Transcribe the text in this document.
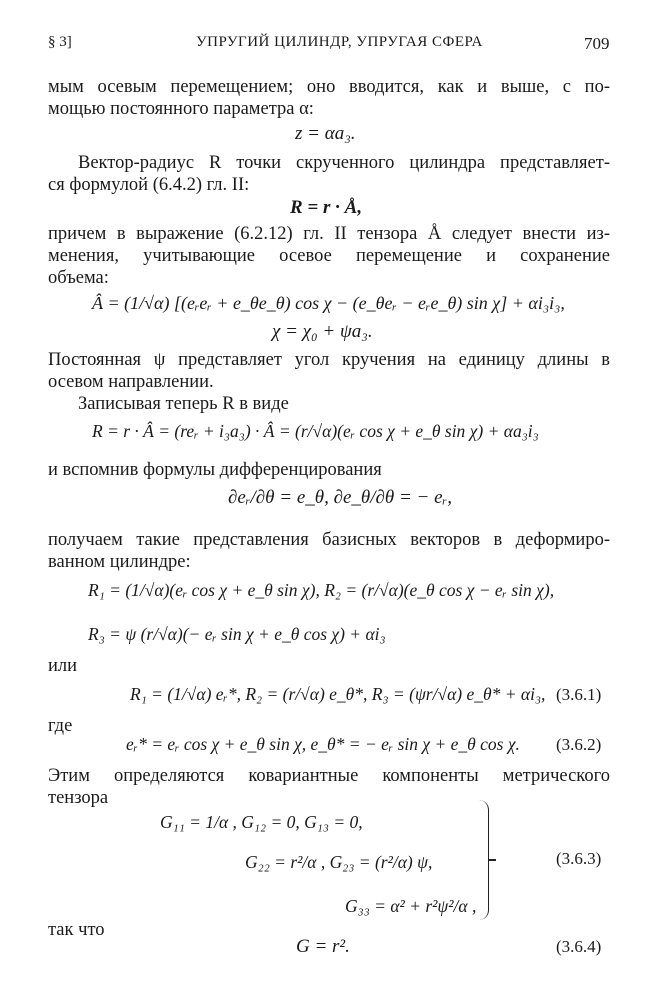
§ 3]	УПРУГИЙ ЦИЛИНДР, УПРУГАЯ СФЕРА	709
мым осевым перемещением; оно вводится, как и выше, с по-
мощью постоянного параметра α:
z = αa₃.
Вектор-радиус R точки скрученного цилиндра представляет-
ся формулой (6.4.2) гл. II:
R = r · Å,
причем в выражение (6.2.12) гл. II тензора Å следует внести из-
менения, учитывающие осевое перемещение и сохранение
объема:
Â = (1/√α) [(eᵣeᵣ + e_θe_θ) cos χ − (e_θeᵣ − eᵣe_θ) sin χ] + αi₃i₃,
χ = χ₀ + ψa₃.
Постоянная ψ представляет угол кручения на единицу длины в
осевом направлении.
Записывая теперь R в виде
R = r · Â = (reᵣ + i₃a₃) · Â = (r/√α)(eᵣ cos χ + e_θ sin χ) + αa₃i₃
и вспомнив формулы дифференцирования
∂eᵣ/∂θ = e_θ, ∂e_θ/∂θ = − eᵣ,
получаем такие представления базисных векторов в деформиро-
ванном цилиндре:
R₁ = (1/√α)(eᵣ cos χ + e_θ sin χ), R₂ = (r/√α)(e_θ cos χ − eᵣ sin χ),
R₃ = ψ (r/√α)(− eᵣ sin χ + e_θ cos χ) + αi₃
или
R₁ = (1/√α) eᵣ*, R₂ = (r/√α) e_θ*, R₃ = (ψr/√α) e_θ* + αi₃, (3.6.1)
где
eᵣ* = eᵣ cos χ + e_θ sin χ, e_θ* = − eᵣ sin χ + e_θ cos χ. (3.6.2)
Этим определяются ковариантные компоненты метрического
тензора
G₁₁ = 1/α , G₁₂ = 0, G₁₃ = 0,
G₂₂ = r²/α , G₂₃ = (r²/α) ψ,
G₃₃ = α² + r²ψ²/α ,
(3.6.3)
так что
G = r².	(3.6.4)
